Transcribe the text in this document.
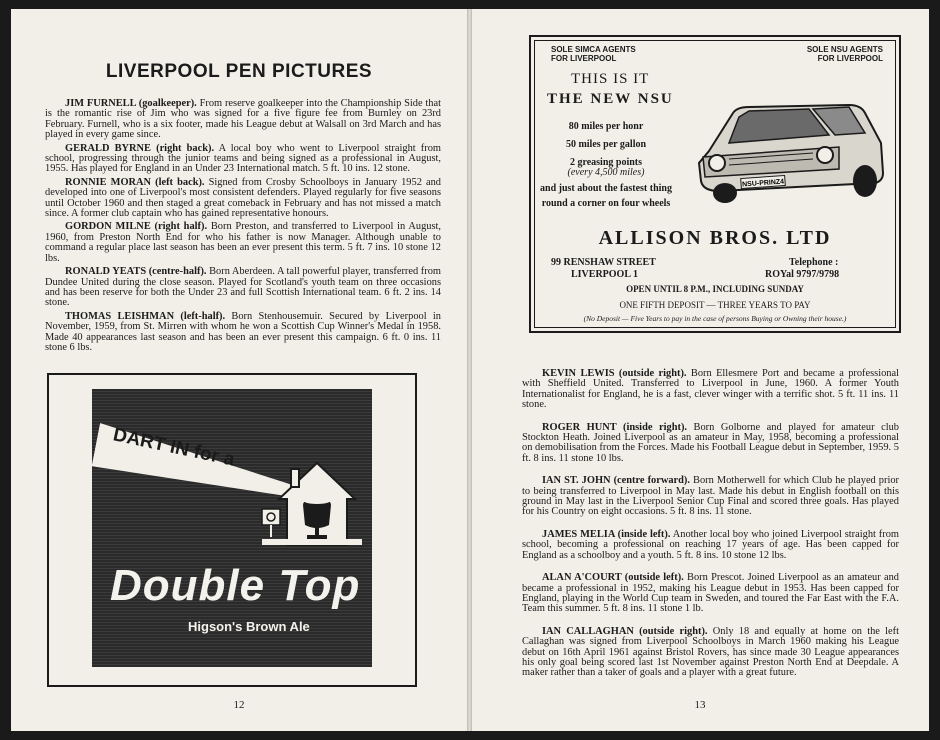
LIVERPOOL PEN PICTURES

JIM FURNELL (goalkeeper). From reserve goalkeeper into the Championship Side that is the romantic rise of Jim who was signed for a five figure fee from Burnley on 23rd February. Furnell, who is a six footer, made his League debut at Walsall on 3rd March and has played in every game since.

GERALD BYRNE (right back). A local boy who went to Liverpool straight from school, progressing through the junior teams and being signed as a professional in August, 1955. Has played for England in an Under 23 International match. 5 ft. 10 ins. 12 stone.

RONNIE MORAN (left back). Signed from Crosby Schoolboys in January 1952 and developed into one of Liverpool's most consistent defenders. Played regularly for five seasons until October 1960 and then staged a great comeback in February and has not missed a match since. A former club captain who has gained representative honours.

GORDON MILNE (right half). Born Preston, and transferred to Liverpool in August, 1960, from Preston North End for who his father is now Manager. Although unable to command a regular place last season has been an ever present this term. 5 ft. 7 ins. 10 stone 12 lbs.

RONALD YEATS (centre-half). Born Aberdeen. A tall powerful player, transferred from Dundee United during the close season. Played for Scotland's youth team on three occasions and has been reserve for both the Under 23 and full Scottish International team. 6 ft. 2 ins. 14 stone.

THOMAS LEISHMAN (left-half). Born Stenhousemuir. Secured by Liverpool in November, 1959, from St. Mirren with whom he won a Scottish Cup Winner's Medal in 1958. Made 40 appearances last season and has been an ever present this campaign. 6 ft. 0 ins. 11 stone 6 lbs.

DART IN for a
Double Top
Higson's Brown Ale
12
SOLE SIMCA AGENTS
FOR LIVERPOOL
SOLE NSU AGENTS
FOR LIVERPOOL
THIS IS IT
THE NEW NSU
80 miles per honr
50 miles per gallon
2 greasing points
(every 4,500 miles)
and just about the fastest thing
round a corner on four wheels
NSU-PRINZ4
ALLISON BROS. LTD
99 RENSHAW STREET
LIVERPOOL 1
Telephone :
ROYal 9797/9798
OPEN UNTIL 8 P.M., INCLUDING SUNDAY
ONE FIFTH DEPOSIT — THREE YEARS TO PAY
(No Deposit — Five Years to pay in the case of persons Buying or Owning their house.)

KEVIN LEWIS (outside right). Born Ellesmere Port and became a professional with Sheffield United. Transferred to Liverpool in June, 1960. A former Youth Internationalist for England, he is a fast, clever winger with a terrific shot. 5 ft. 11 ins. 11 stone.

ROGER HUNT (inside right). Born Golborne and played for amateur club Stockton Heath. Joined Liverpool as an amateur in May, 1958, becoming a professional on demobilisation from the Forces. Made his Football League debut in September, 1959. 5 ft. 8 ins. 11 stone 10 lbs.

IAN ST. JOHN (centre forward). Born Motherwell for which Club he played prior to being transferred to Liverpool in May last. Made his debut in English football on this ground in May last in the Liverpool Senior Cup Final and scored three goals. Has played for his Country on eight occasions. 5 ft. 8 ins. 11 stone.

JAMES MELIA (inside left). Another local boy who joined Liverpool straight from school, becoming a professional on reaching 17 years of age. Has been capped for England as a schoolboy and a youth. 5 ft. 8 ins. 10 stone 12 lbs.

ALAN A'COURT (outside left). Born Prescot. Joined Liverpool as an amateur and became a professional in 1952, making his League debut in 1953. Has been capped for England, playing in the World Cup team in Sweden, and toured the Far East with the F.A. Team this summer. 5 ft. 8 ins. 11 stone 1 lb.

IAN CALLAGHAN (outside right). Only 18 and equally at home on the left Callaghan was signed from Liverpool Schoolboys in March 1960 making his League debut on 16th April 1961 against Bristol Rovers, has since made 30 League appearances his only goal being scored last 1st November against Preston North End at Deepdale. A maker rather than a taker of goals and a player with a great future.

13
